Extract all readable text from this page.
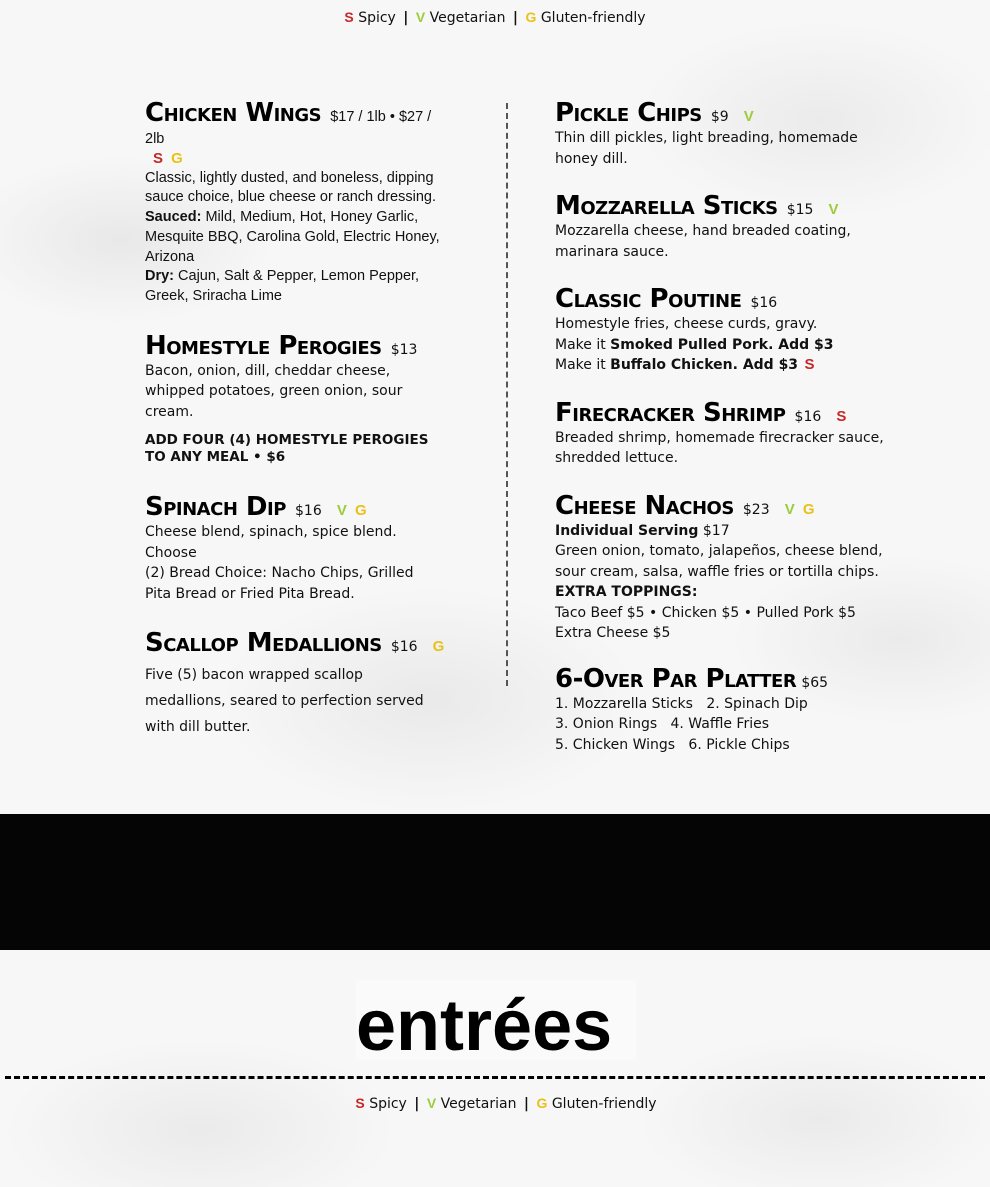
S Spicy | V Vegetarian | G Gluten-friendly
Chicken Wings $17 / 1lb • $27 / 2lb
S G
Classic, lightly dusted, and boneless, dipping sauce choice, blue cheese or ranch dressing.
Sauced: Mild, Medium, Hot, Honey Garlic, Mesquite BBQ, Carolina Gold, Electric Honey, Arizona
Dry: Cajun, Salt & Pepper, Lemon Pepper, Greek, Sriracha Lime
Homestyle Perogies $13
Bacon, onion, dill, cheddar cheese, whipped potatoes, green onion, sour cream.
ADD FOUR (4) HOMESTYLE PEROGIES
TO ANY MEAL • $6
Spinach Dip $16 V G
Cheese blend, spinach, spice blend. Choose
(2) Bread Choice: Nacho Chips, Grilled
Pita Bread or Fried Pita Bread.
Scallop Medallions $16 G
Five (5) bacon wrapped scallop medallions, seared to perfection served with dill butter.
Pickle Chips $9 V
Thin dill pickles, light breading, homemade honey dill.
Mozzarella Sticks $15 V
Mozzarella cheese, hand breaded coating, marinara sauce.
Classic Poutine $16
Homestyle fries, cheese curds, gravy.
Make it Smoked Pulled Pork. Add $3
Make it Buffalo Chicken. Add $3 S
Firecracker Shrimp $16 S
Breaded shrimp, homemade firecracker sauce, shredded lettuce.
Cheese Nachos $23 V G
Individual Serving $17
Green onion, tomato, jalapeños, cheese blend, sour cream, salsa, waffle fries or tortilla chips.
EXTRA TOPPINGS:
Taco Beef $5 • Chicken $5 • Pulled Pork $5
Extra Cheese $5
6-Over Par Platter $65
1. Mozzarella Sticks   2. Spinach Dip
3. Onion Rings   4. Waffle Fries
5. Chicken Wings   6. Pickle Chips
entrées
S Spicy | V Vegetarian | G Gluten-friendly
